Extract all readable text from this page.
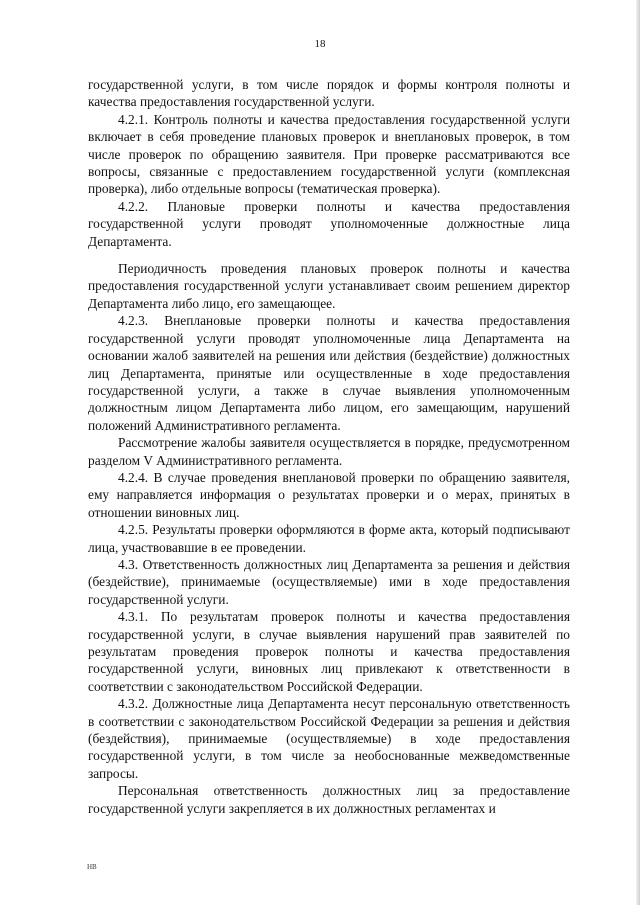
18

государственной услуги, в том числе порядок и формы контроля полноты и качества предоставления государственной услуги.

4.2.1. Контроль полноты и качества предоставления государственной услуги включает в себя проведение плановых проверок и внеплановых проверок, в том числе проверок по обращению заявителя. При проверке рассматриваются все вопросы, связанные с предоставлением государственной услуги (комплексная проверка), либо отдельные вопросы (тематическая проверка).

4.2.2. Плановые проверки полноты и качества предоставления государственной услуги проводят уполномоченные должностные лица Департамента.

Периодичность проведения плановых проверок полноты и качества предоставления государственной услуги устанавливает своим решением директор Департамента либо лицо, его замещающее.

4.2.3. Внеплановые проверки полноты и качества предоставления государственной услуги проводят уполномоченные лица Департамента на основании жалоб заявителей на решения или действия (бездействие) должностных лиц Департамента, принятые или осуществленные в ходе предоставления государственной услуги, а также в случае выявления уполномоченным должностным лицом Департамента либо лицом, его замещающим, нарушений положений Административного регламента.

Рассмотрение жалобы заявителя осуществляется в порядке, предусмотренном разделом V Административного регламента.

4.2.4. В случае проведения внеплановой проверки по обращению заявителя, ему направляется информация о результатах проверки и о мерах, принятых в отношении виновных лиц.

4.2.5. Результаты проверки оформляются в форме акта, который подписывают лица, участвовавшие в ее проведении.

4.3. Ответственность должностных лиц Департамента за решения и действия (бездействие), принимаемые (осуществляемые) ими в ходе предоставления государственной услуги.

4.3.1. По результатам проверок полноты и качества предоставления государственной услуги, в случае выявления нарушений прав заявителей по результатам проведения проверок полноты и качества предоставления государственной услуги, виновных лиц привлекают к ответственности в соответствии с законодательством Российской Федерации.

4.3.2. Должностные лица Департамента несут персональную ответственность в соответствии с законодательством Российской Федерации за решения и действия (бездействия), принимаемые (осуществляемые) в ходе предоставления государственной услуги, в том числе за необоснованные межведомственные запросы.

Персональная ответственность должностных лиц за предоставление государственной услуги закрепляется в их должностных регламентах и

НВ
